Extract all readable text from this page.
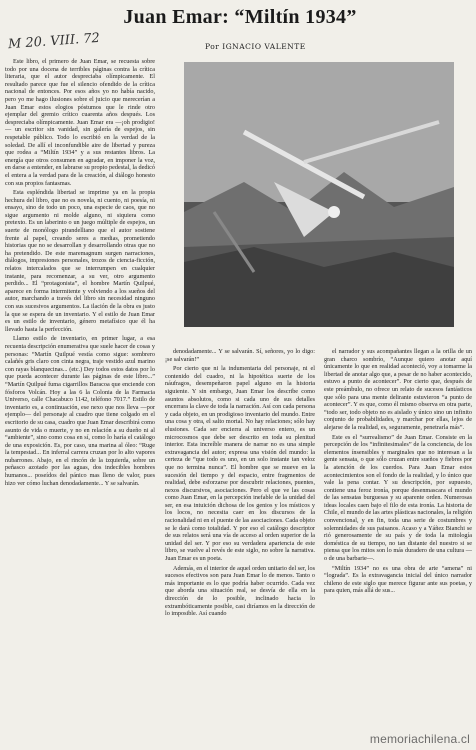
Juan Emar: “Miltín 1934”
M 20. VIII. 72	Por IGNACIO VALENTE

Este libro, el primero de Juan Emar, se recuesta sobre todo por una docena de terribles páginas contra la crítica literaria, que el autor despreciaba olímpicamente. El resultado parece que fue el silencio ofendido de la crítica nacional de entonces. Por esos años yo no había nacido, pero yo me hago ilusiones sobre el juicio que merecerían a Juan Emar estos elogios póstumos que le rinde otro ejemplar del gremio crítico cuarenta años después. Los despreciaba olímpicamente. Juan Emar era —¡oh prodigio!— un escritor sin vanidad, sin galería de espejos, sin respetable público. Todo lo escribió en la verdad de la soledad. De allí el inconfundible aire de libertad y pureza que rodea a “Miltín 1934” y a sus restantes libros. La energía que otros consumen en agradar, en imponer la voz, en darse a entender, en labrarse su propio pedestal, la dedicó el entera a la verdad para de la creación, al diálogo honesto con sus propios fantasmas.

Esta espléndida libertad se imprime ya en la propia hechura del libro, que no es novela, ni cuento, ni poesía, ni ensayo, sino de todo un poco, una especie de caos, que no sigue argumento ni molde alguno, ni siquiera como pretexto. Es un laberinto o un juego múltiple de espejos, un suerte de monólogo pirandelliano que el autor sostiene frente al papel, creando seres a medias, prometiendo historias que no se desarrollan y desarrollando otras que no ha pretendido. De este maremagnum surgen narraciones, diálogos, impresiones personales, trozos de ciencia-ficción, relatos intercalados que se interrumpen en cualquier instante, para recomenzar, a su ver, otro argumento perdido... El “protagonista”, el hombre Martín Quilpué, aparece en forma intermitente y volviendo a los sueños del autor, marchando a través del libro sin necesidad ninguno con sus sucesivos argumentos. La ilación de la obra es justo la que se espera de un inventario. Y el estilo de Juan Emar es un estilo de inventario, género metafísico que él ha llevado hasta la perfección.

Llamo estilo de inventario, en primer lugar, a esa recuenta descripción enumerativa que suele hacer de cosas y personas: “Martín Quilpué vestía como sigue: sombrero calañés gris claro con cinta negra, traje vestido azul marino con rayas blanquecinas... (etc.) Dey todos estos datos por lo que pueda acontecer durante las páginas de este libro...” “Martín Quilpué fuma cigarrillos Baracoa que enciende con fósforos Volcán. Hoy a las 6 la Colonia de la Farmacia Universo, calle Chacabuco 1142, teléfono 7017.” Estilo de inventario es, a continuación, ese nexo que nos lleva —por ejemplo— del personaje al cuadro que tiene colgado en el escritorio de su casa, cuadro que Juan Emar describirá como asunto de vida o muerte, y no en relación a su dueño ni al “ambiente”, sino como cosa en sí, como lo haría el catálogo de una exposición. Es, por caso, una marina al óleo: “Ruge la tempestad... En inferral carrera cruzan por lo alto vapores nubarrones. Abajo, en el rincón de la izquierda, sobre un peñasco azotado por las aguas, dos indecibles hombres humanos... poseídos del pánico mas lleno de valor, pues hizo ver cómo luchan denodadamente... Y se salvarán.

denodadamente... Y se salvarán. Sí, señores, yo lo digo: ¡se salvarán!”

Por cierto que ni la indumentaria del personaje, ni el contenido del cuadro, ni la hipotética suerte de los náufragos, desempeñaron papel alguno en la historia siguiente. Y sin embargo, Juan Emar los describe como asuntos absolutos, como si cada uno de sus detalles encerrara la clave de toda la narración. Así con cada persona y cada objeto, en un prodigioso inventario del mundo. Entre una cosa y otra, el salto mortal. No hay relaciones; sólo hay elusiones. Cada ser encierra al universo entero, es un microcosmos que debe ser descrito en toda su plenitud interior. Esta increíble manera de narrar no es una simple extravagancia del autor; expresa una visión del mundo: la certeza de “que todo es uno, en un solo instante tan veloz que no termina nunca”. El hombre que se mueve en la sucesión del tiempo y del espacio, entre fragmentos de realidad, debe esforzarse por descubrir relaciones, puentes, nexos discursivos, asociaciones. Pero el que ve las cosas como Juan Emar, en la percepción inefable de la unidad del ser, en esa intuición dichosa de los genios y los místicos y los locos, no necesita caer en los discursos de la racionalidad ni en el puente de las asociaciones. Cada objeto se le dará como totalidad. Y por eso el catálogo descriptor de sus relatos será una vía de acceso al orden superior de la unidad del ser. Y por eso su verdadera apariencia de este libro, se vuelve al revés de este siglo, no sobre la narrativa. Juan Emar es un poeta.

Además, en el interior de aquel orden unitario del ser, los sucesos efectivos son para Juan Emar lo de menos. Tanto o más importante es lo que podría haber ocurrido. Cada vez que aborda una situación real, se desvía de ella en la dirección de lo posible, inclinado hacia lo extrambóticamente posible, casi diríamos en la dirección de lo imposible. Así cuando

el narrador y sus acompañantes llegan a la orilla de un gran charco sombrío, “Aunque quiero anotar aquí únicamente lo que en realidad aconteció, voy a tomarme la libertad de anotar algo que, a pesar de no haber acontecido, estuvo a punto de acontecer”. Por cierto que, después de este preámbulo, no ofrece un relato de sucesos fantásticos que sólo para una mente delirante estuvieron “a punto de acontecer”. Y es que, como él mismo observa en otra parte, “todo ser, todo objeto no es aislado y único sino un infinito conjunto de probabilidades, y marchar por ellas, lejos de alejarse de la realidad, es, seguramente, penetrarla más”.

Este es el “surrealismo” de Juan Emar. Consiste en la percepción de los “infinitesimales” de la conciencia, de los elementos ínsensibles y marginales que no interesan a la gente sensata, o que sólo cruzan entre sueños y fiebres por la atención de los cuerdos. Para Juan Emar estos acontecimientos son el fondo de la realidad, y lo único que vale la pena contar. Y su descripción, por supuesto, contiene una feroz ironía, porque desenmascara el mundo de las sensatas burguesas y su aparente orden. Numerosas ideas locales caen bajo el filo de esta ironía. La historia de Chile, el mundo de las artes plásticas nacionales, la religión convencional, y en fin, toda una serie de costumbres y solemnidades de sus paisanos. Acaso y a Yáñez Bianchi se rió generosamente de su país y de toda la mitología doméstica de su tiempo, no tan distante del nuestro si se piensa que los mitos son lo más duradero de una cultura —o de una barbarie—.

“Miltín 1934” no es una obra de arte “amena” ni “lograda”. Es la extravagancia inicial del único narrador chileno de este siglo que merece figurar ante sus poetas, y para quien, más allá de sus...

memoriachilena.cl
